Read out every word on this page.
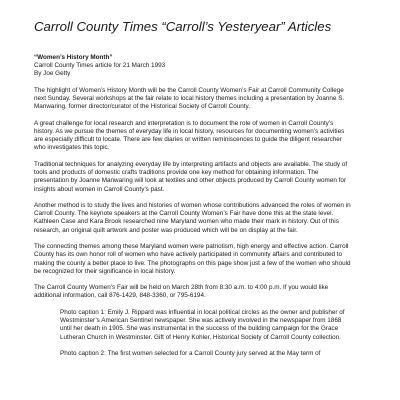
Carroll County Times “Carroll’s Yesteryear” Articles
“Women’s History Month”
Carroll County Times article for 21 March 1993
By Joe Getty

The highlight of Women’s History Month will be the Carroll County Women’s Fair at Carroll Community College next Sunday. Several workshops at the fair relate to local history themes including a presentation by Joanne S. Manwaring, former director/curator of the Historical Society of Carroll County.

A great challenge for local research and interpretation is to document the role of women in Carroll County’s history. As we pursue the themes of everyday life in local history, resources for documenting women’s activities are especially difficult to locate. There are few diaries or written reminiscences to guide the diligent researcher who investigates this topic.

Traditional techniques for analyzing everyday life by interpreting artifacts and objects are available. The study of tools and products of domestic crafts traditions provide one key method for obtaining information. The presentation by Joanne Manwaring will look at textiles and other objects produced by Carroll County women for insights about women in Carroll County’s past.

Another method is to study the lives and histories of women whose contributions advanced the roles of women in Carroll County. The keynote speakers at the Carroll County Women’s Fair have done this at the state level. Kathleen Case and Kara Brook researched nine Maryland women who made their mark in history. Out of this research, an original quilt artwork and poster was produced which will be on display at the fair.

The connecting themes among these Maryland women were patriotism, high energy and effective action. Carroll County has its own honor roll of women who have actively participated in community affairs and contributed to making the county a better place to live. The photographs on this page show just a few of the women who should be recognized for their significance in local history.

The Carroll County Women’s Fair will be held on March 28th from 8:30 a.m. to 4:00 p.m. If you would like additional information, call 876-1429, 848-3360, or 795-6194.

Photo caption 1: Emily J. Rippard was influential in local political circles as the owner and publisher of Westminster’s American Sentinel newspaper. She was actively involved in the newspaper from 1868 until her death in 1905. She was instrumental in the success of the building campaign for the Grace Lutheran Church in Westminster. Gift of Henry Kohler, Historical Society of Carroll County collection.

Photo caption 2: The first women selected for a Carroll County jury served at the May term of
